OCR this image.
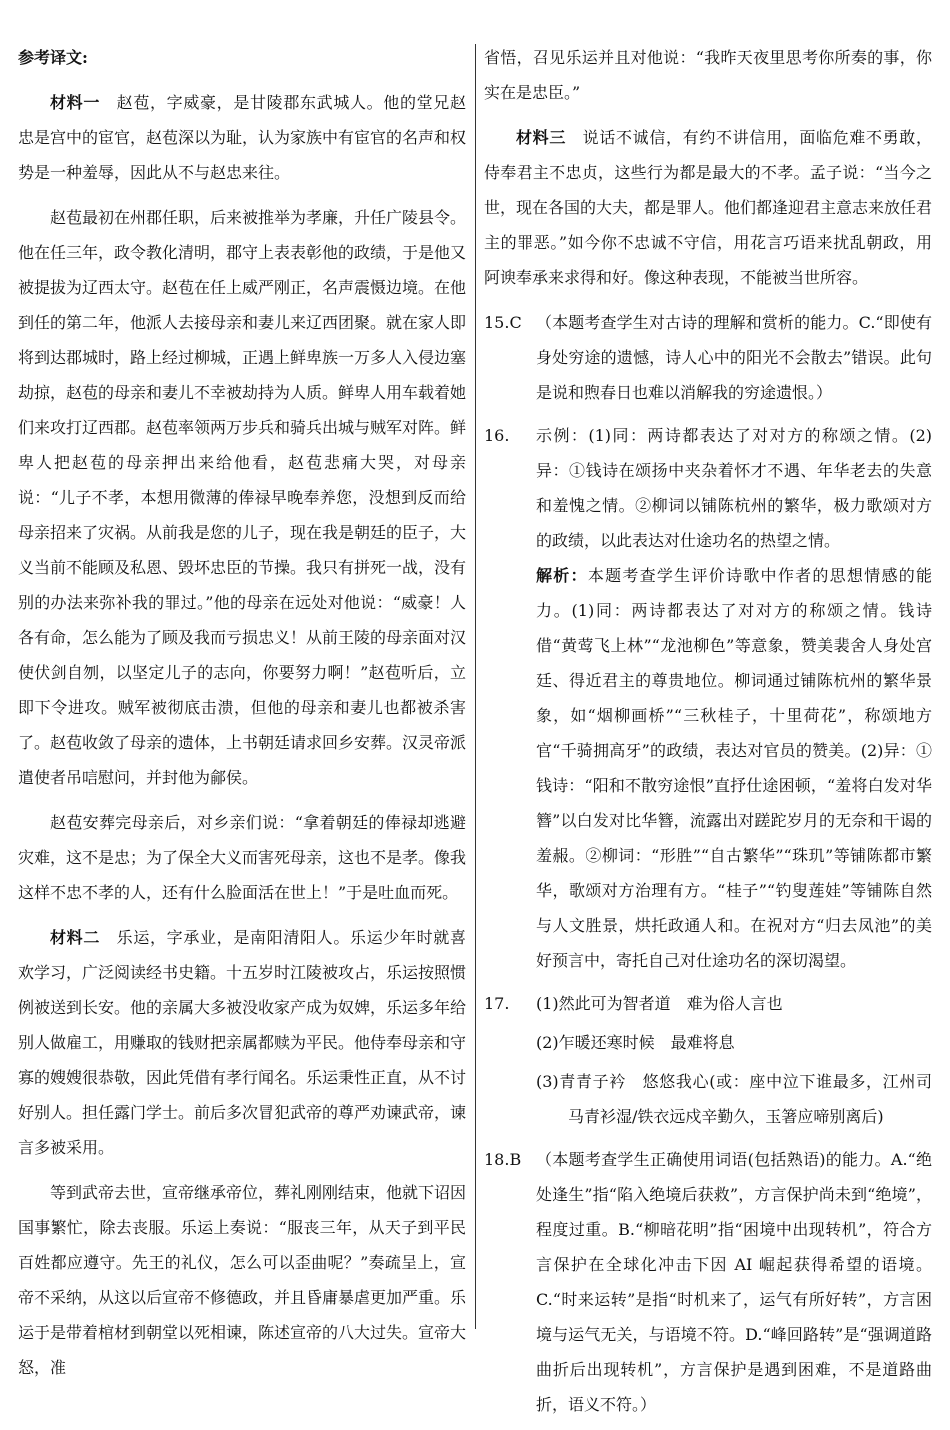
参考译文:

材料一　 赵苞，字威豪，是甘陵郡东武城人。他的堂兄赵忠是宫中的宦官，赵苞深以为耻，认为家族中有宦官的名声和权势是一种羞辱，因此从不与赵忠来往。

赵苞最初在州郡任职，后来被推举为孝廉，升任广陵县令。他在任三年，政令教化清明，郡守上表表彰他的政绩，于是他又被提拔为辽西太守。赵苞在任上威严刚正，名声震慑边境。在他到任的第二年，他派人去接母亲和妻儿来辽西团聚。就在家人即将到达郡城时，路上经过柳城，正遇上鲜卑族一万多人入侵边塞劫掠，赵苞的母亲和妻儿不幸被劫持为人质。鲜卑人用车载着她们来攻打辽西郡。赵苞率领两万步兵和骑兵出城与贼军对阵。鲜卑人把赵苞的母亲押出来给他看，赵苞悲痛大哭，对母亲说：“儿子不孝，本想用微薄的俸禄早晚奉养您，没想到反而给母亲招来了灾祸。从前我是您的儿子，现在我是朝廷的臣子，大义当前不能顾及私恩、毁坏忠臣的节操。我只有拼死一战，没有别的办法来弥补我的罪过。”他的母亲在远处对他说：“威豪！人各有命，怎么能为了顾及我而亏损忠义！从前王陵的母亲面对汉使伏剑自刎，以坚定儿子的志向，你要努力啊！”赵苞听后，立即下令进攻。贼军被彻底击溃，但他的母亲和妻儿也都被杀害了。赵苞收敛了母亲的遗体，上书朝廷请求回乡安葬。汉灵帝派遣使者吊唁慰问，并封他为鄃侯。

赵苞安葬完母亲后，对乡亲们说：“拿着朝廷的俸禄却逃避灾难，这不是忠；为了保全大义而害死母亲，这也不是孝。像我这样不忠不孝的人，还有什么脸面活在世上！”于是吐血而死。

材料二　 乐运，字承业，是南阳清阳人。乐运少年时就喜欢学习，广泛阅读经书史籍。十五岁时江陵被攻占，乐运按照惯例被送到长安。他的亲属大多被没收家产成为奴婢，乐运多年给别人做雇工，用赚取的钱财把亲属都赎为平民。他侍奉母亲和守寡的嫂嫂很恭敬，因此凭借有孝行闻名。乐运秉性正直，从不讨好别人。担任露门学士。前后多次冒犯武帝的尊严劝谏武帝，谏言多被采用。

等到武帝去世，宣帝继承帝位，葬礼刚刚结束，他就下诏因国事繁忙，除去丧服。乐运上奏说：“服丧三年，从天子到平民百姓都应遵守。先王的礼仪，怎么可以歪曲呢？”奏疏呈上，宣帝不采纳，从这以后宣帝不修德政，并且昏庸暴虐更加严重。乐运于是带着棺材到朝堂以死相谏，陈述宣帝的八大过失。宣帝大怒，准

省悟，召见乐运并且对他说：“我昨天夜里思考你所奏的事，你实在是忠臣。”

材料三　 说话不诚信，有约不讲信用，面临危难不勇敢，侍奉君主不忠贞，这些行为都是最大的不孝。孟子说：“当今之世，现在各国的大夫，都是罪人。他们都逢迎君主意志来放任君主的罪恶。”如今你不忠诚不守信，用花言巧语来扰乱朝政，用阿谀奉承来求得和好。像这种表现，不能被当世所容。

15.C （本题考查学生对古诗的理解和赏析的能力。C.“即使有身处穷途的遗憾，诗人心中的阳光不会散去”错误。此句是说和煦春日也难以消解我的穷途遗恨。）
16. 示例：(1)同：两诗都表达了对对方的称颂之情。(2)异：①钱诗在颂扬中夹杂着怀才不遇、年华老去的失意和羞愧之情。②柳词以铺陈杭州的繁华，极力歌颂对方的政绩，以此表达对仕途功名的热望之情。
解析：本题考查学生评价诗歌中作者的思想情感的能力。(1)同：两诗都表达了对对方的称颂之情。钱诗借“黄莺飞上林”“龙池柳色”等意象，赞美裴舍人身处宫廷、得近君主的尊贵地位。柳词通过铺陈杭州的繁华景象，如“烟柳画桥”“三秋桂子，十里荷花”，称颂地方官“千骑拥高牙”的政绩，表达对官员的赞美。(2)异：①钱诗：“阳和不散穷途恨”直抒仕途困顿，“羞将白发对华簪”以白发对比华簪，流露出对蹉跎岁月的无奈和干谒的羞赧。②柳词：“形胜”“自古繁华”“珠玑”等铺陈都市繁华，歌颂对方治理有方。“桂子”“钓叟莲娃”等铺陈自然与人文胜景，烘托政通人和。在祝对方“归去凤池”的美好预言中，寄托自己对仕途功名的深切渴望。
17. (1)然此可为智者道　难为俗人言也
(2)乍暖还寒时候　最难将息
(3)青青子衿　悠悠我心(或：座中泣下谁最多，江州司马青衫湿/铁衣远戍辛勤久，玉箸应啼别离后)
18.B （本题考查学生正确使用词语(包括熟语)的能力。A.“绝处逢生”指“陷入绝境后获救”，方言保护尚未到“绝境”，程度过重。B.“柳暗花明”指“困境中出现转机”，符合方言保护在全球化冲击下因 AI 崛起获得希望的语境。C.“时来运转”是指“时机来了，运气有所好转”，方言困境与运气无关，与语境不符。D.“峰回路转”是“强调道路曲折后出现转机”，方言保护是遇到困难，不是道路曲折，语义不符。）
